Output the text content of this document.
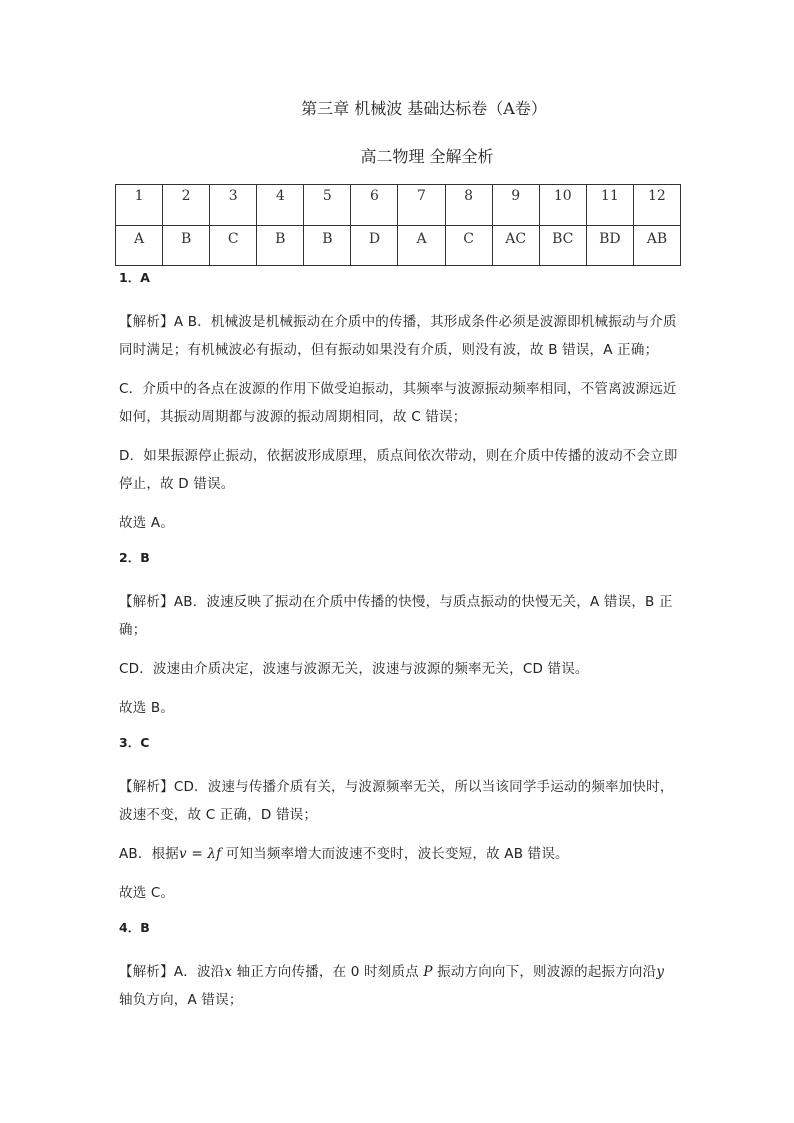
第三章 机械波 基础达标卷（A卷）
高二物理 全解全析
1	2	3	4	5	6	7	8	9	10	11	12
A	B	C	B	B	D	A	C	AC	BC	BD	AB

1．A

【解析】A B．机械波是机械振动在介质中的传播，其形成条件必须是波源即机械振动与介质同时满足；有机械波必有振动，但有振动如果没有介质，则没有波，故 B 错误，A 正确；

C．介质中的各点在波源的作用下做受迫振动，其频率与波源振动频率相同，不管离波源远近如何，其振动周期都与波源的振动周期相同，故 C 错误；

D．如果振源停止振动，依据波形成原理，质点间依次带动，则在介质中传播的波动不会立即停止，故 D 错误。

故选 A。

2．B

【解析】AB．波速反映了振动在介质中传播的快慢，与质点振动的快慢无关，A 错误，B 正确；

CD．波速由介质决定，波速与波源无关，波速与波源的频率无关，CD 错误。

故选 B。

3．C

【解析】CD．波速与传播介质有关，与波源频率无关，所以当该同学手运动的频率加快时，波速不变，故 C 正确，D 错误；

AB．根据v = λf 可知当频率增大而波速不变时，波长变短，故 AB 错误。

故选 C。

4．B

【解析】A．波沿x 轴正方向传播，在 0 时刻质点 P 振动方向向下，则波源的起振方向沿y 轴负方向，A 错误；
